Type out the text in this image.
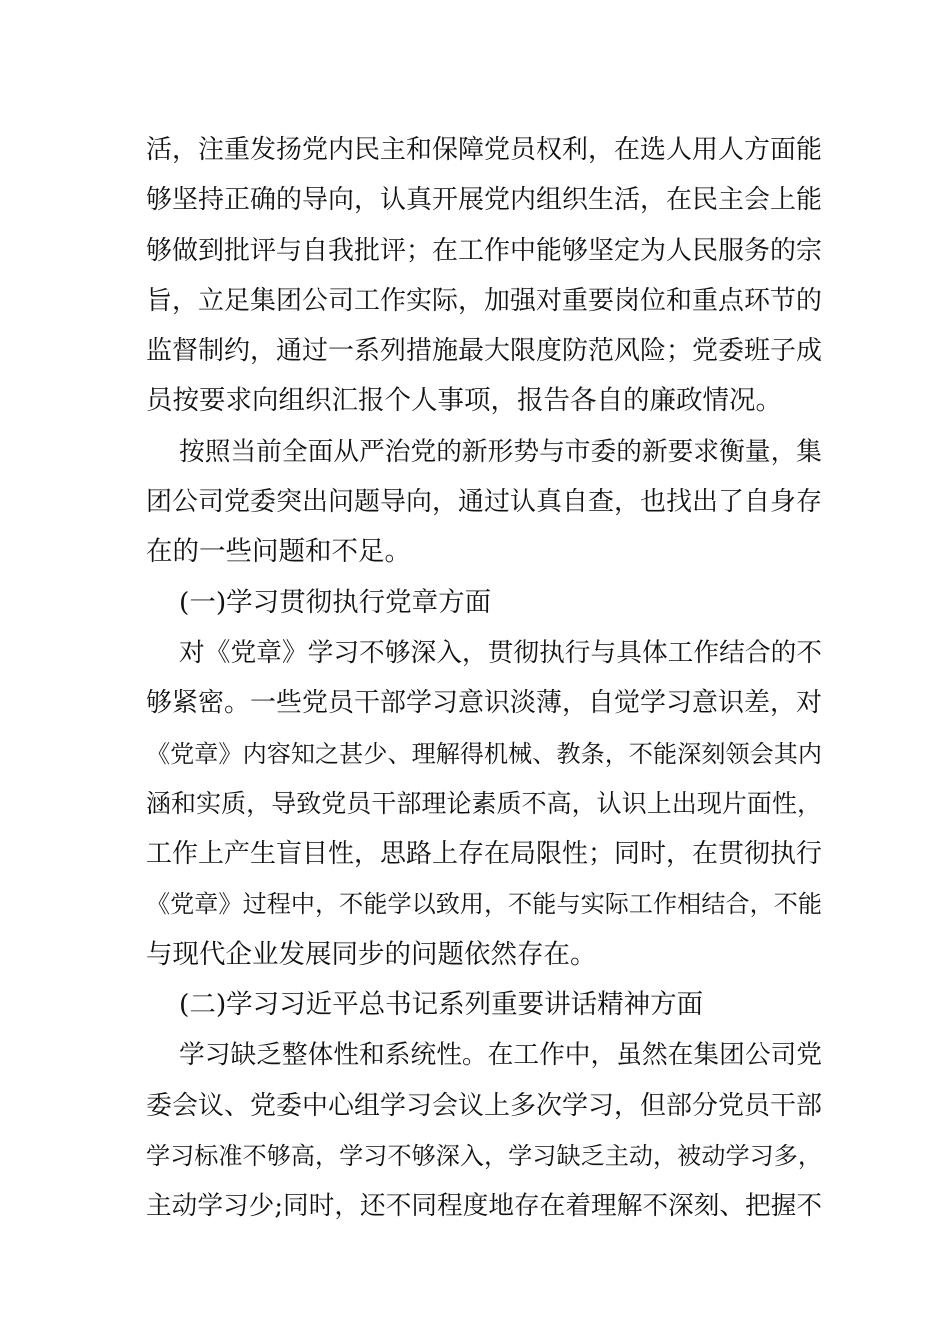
活，注重发扬党内民主和保障党员权利，在选人用人方面能
够坚持正确的导向，认真开展党内组织生活，在民主会上能
够做到批评与自我批评；在工作中能够坚定为人民服务的宗
旨，立足集团公司工作实际，加强对重要岗位和重点环节的
监督制约，通过一系列措施最大限度防范风险；党委班子成
员按要求向组织汇报个人事项，报告各自的廉政情况。
按照当前全面从严治党的新形势与市委的新要求衡量，集
团公司党委突出问题导向，通过认真自查，也找出了自身存
在的一些问题和不足。
(一)学习贯彻执行党章方面
对《党章》学习不够深入，贯彻执行与具体工作结合的不
够紧密。一些党员干部学习意识淡薄，自觉学习意识差，对
《党章》内容知之甚少、理解得机械、教条，不能深刻领会其内
涵和实质，导致党员干部理论素质不高，认识上出现片面性，
工作上产生盲目性，思路上存在局限性；同时，在贯彻执行
《党章》过程中，不能学以致用，不能与实际工作相结合，不能
与现代企业发展同步的问题依然存在。
(二)学习习近平总书记系列重要讲话精神方面
学习缺乏整体性和系统性。在工作中，虽然在集团公司党
委会议、党委中心组学习会议上多次学习，但部分党员干部
学习标准不够高，学习不够深入，学习缺乏主动，被动学习多，
主动学习少;同时，还不同程度地存在着理解不深刻、把握不
